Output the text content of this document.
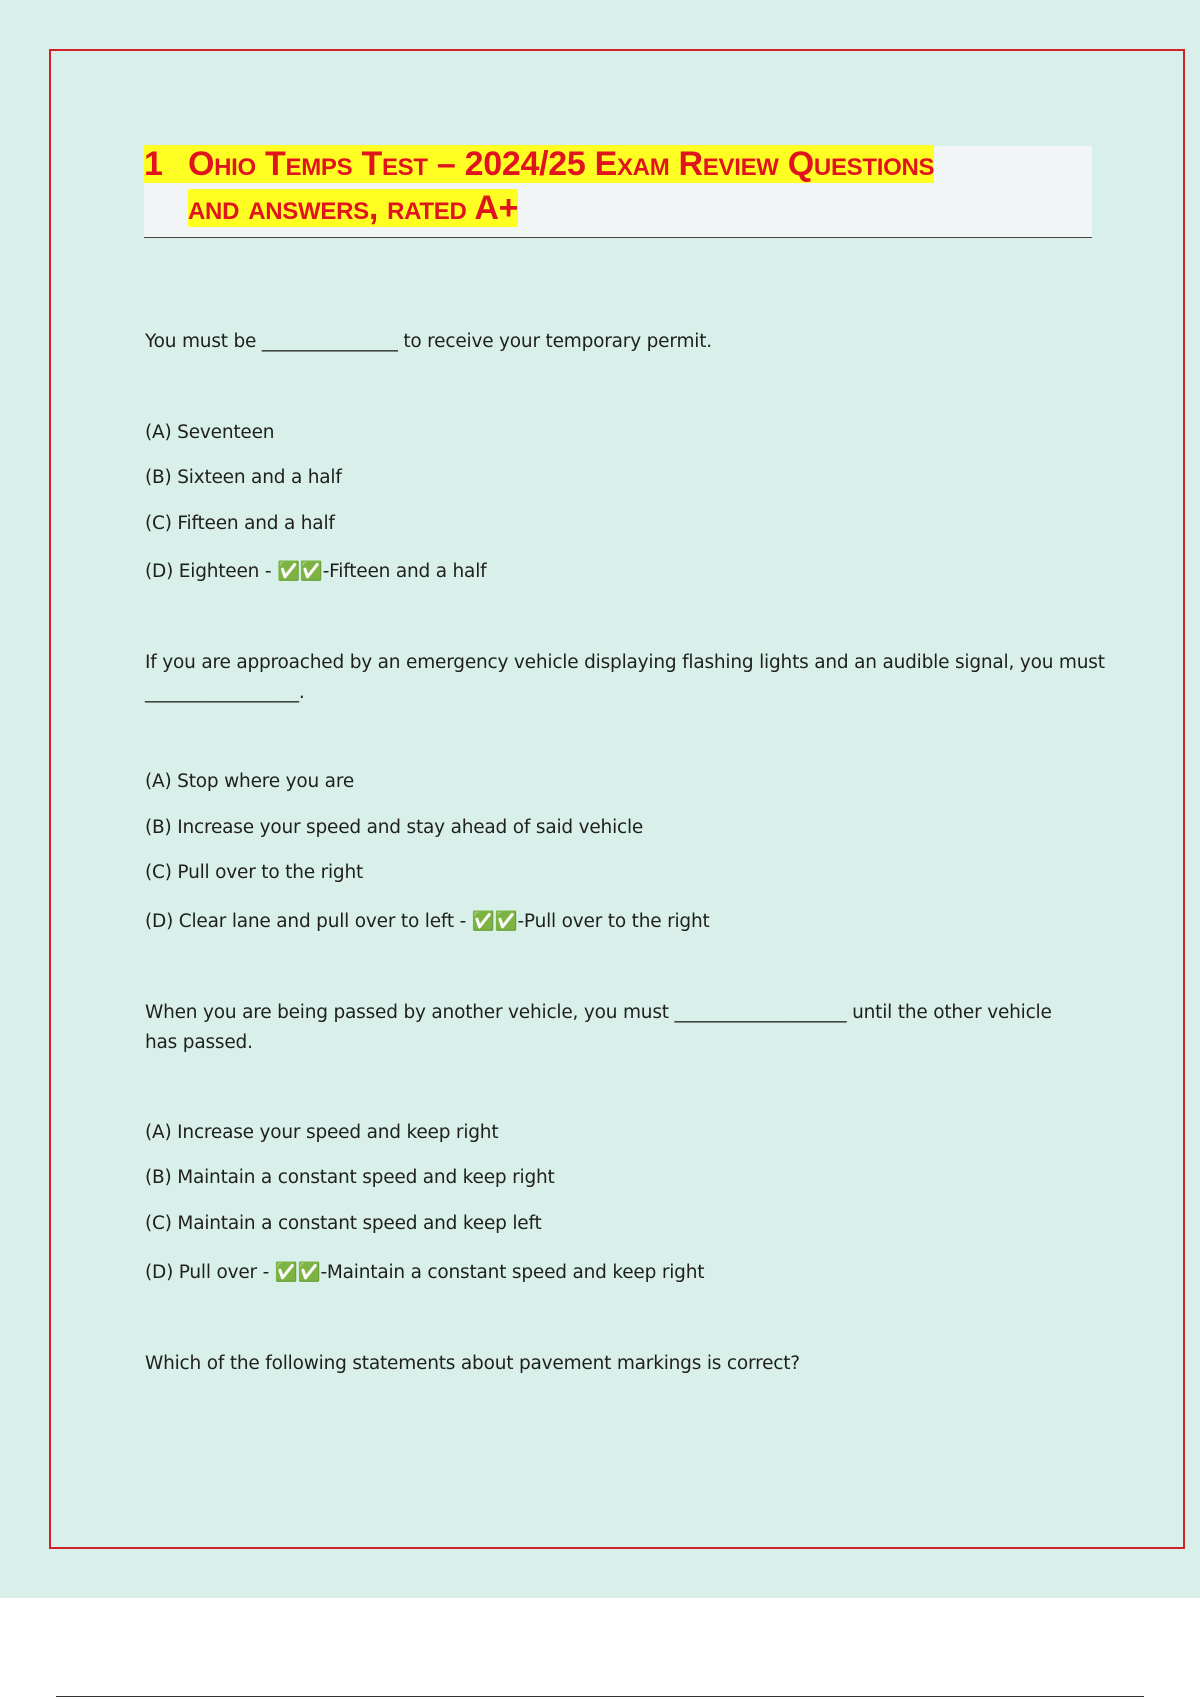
1 Ohio Temps Test – 2024/25 Exam Review Questions
and answers, rated A+
You must be _______________ to receive your temporary permit.
(A) Seventeen
(B) Sixteen and a half
(C) Fifteen and a half
(D) Eighteen - ✅✅-Fifteen and a half
If you are approached by an emergency vehicle displaying flashing lights and an audible signal, you must
_________________.
(A) Stop where you are
(B) Increase your speed and stay ahead of said vehicle
(C) Pull over to the right
(D) Clear lane and pull over to left - ✅✅-Pull over to the right
When you are being passed by another vehicle, you must ___________________ until the other vehicle
has passed.
(A) Increase your speed and keep right
(B) Maintain a constant speed and keep right
(C) Maintain a constant speed and keep left
(D) Pull over - ✅✅-Maintain a constant speed and keep right
Which of the following statements about pavement markings is correct?
